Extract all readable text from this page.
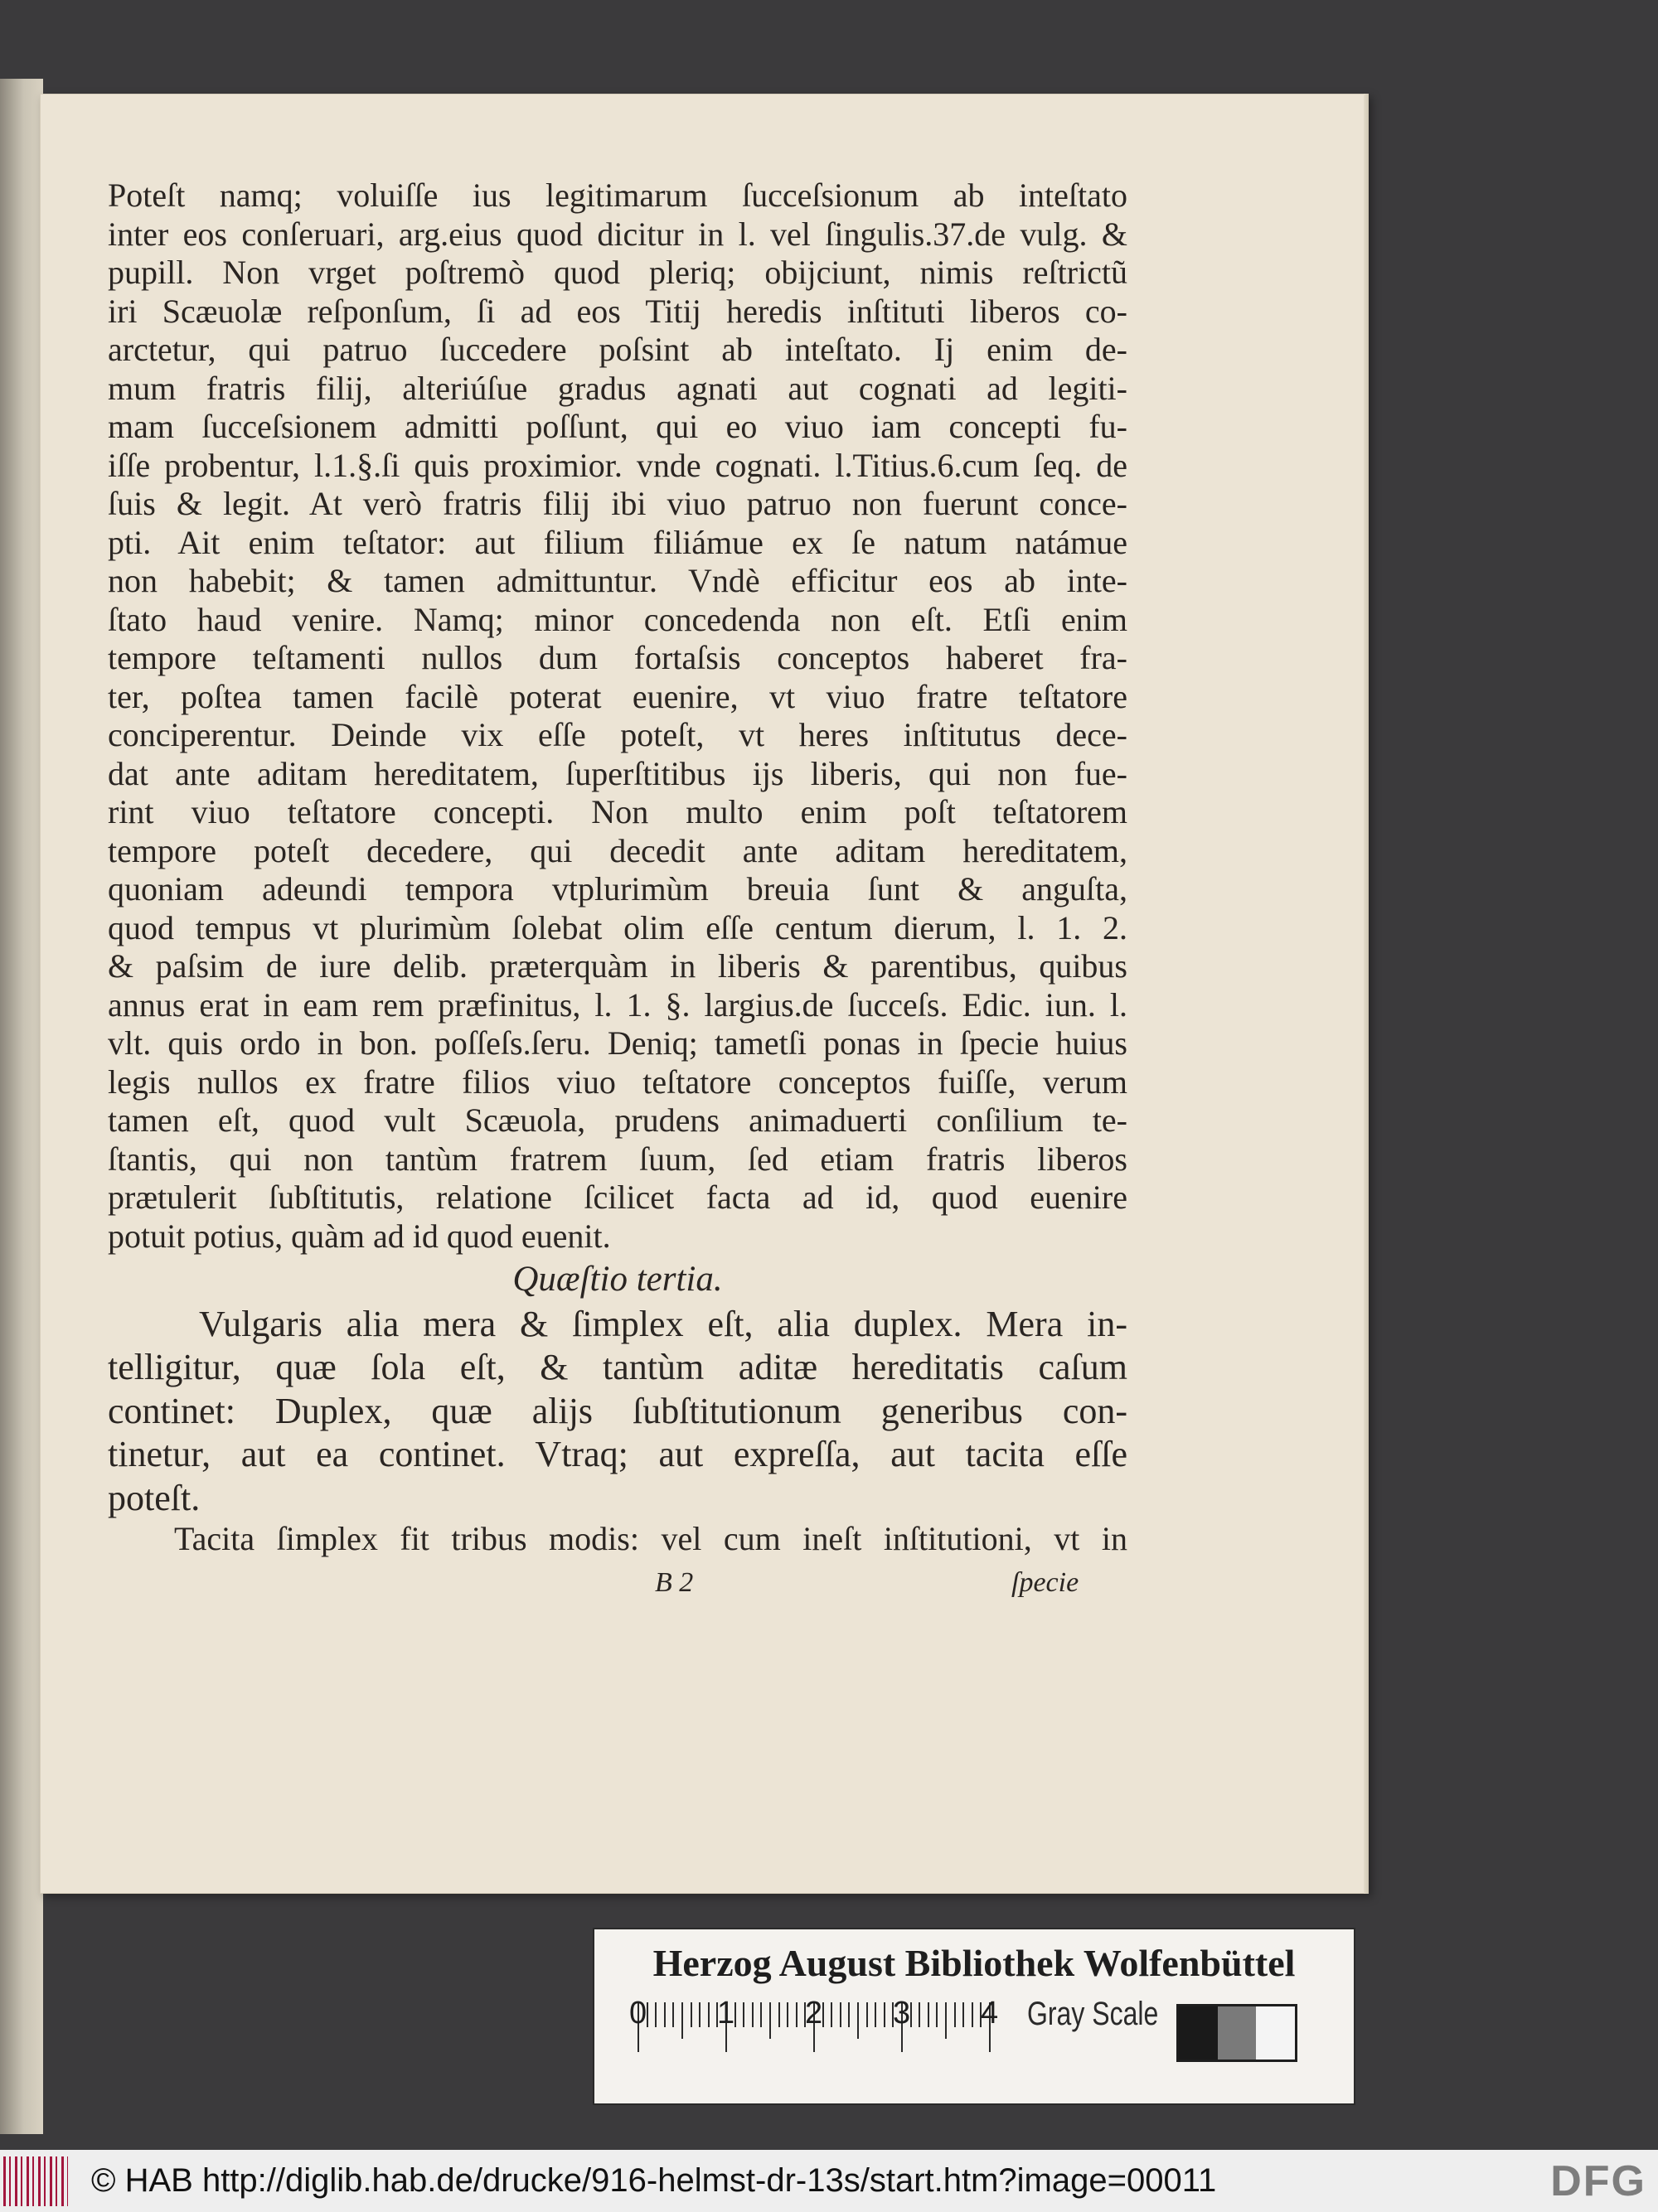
Poteſt namq; voluiſſe ius legitimarum ſucceſsionum ab inteſtato
inter eos conſeruari, arg.eius quod dicitur in l. vel ſingulis.37.de vulg. &
pupill. Non vrget poſtremò quod pleriq; obijciunt, nimis reſtrictũ
iri Scæuolæ reſponſum, ſi ad eos Titij heredis inſtituti liberos co-
arctetur, qui patruo ſuccedere poſsint ab inteſtato. Ij enim de-
mum fratris filij, alteriúſue gradus agnati aut cognati ad legiti-
mam ſucceſsionem admitti poſſunt, qui eo viuo iam concepti fu-
iſſe probentur, l.1.§.ſi quis proximior. vnde cognati. l.Titius.6.cum ſeq. de
ſuis & legit. At verò fratris filij ibi viuo patruo non fuerunt conce-
pti. Ait enim teſtator: aut filium filiámue ex ſe natum natámue
non habebit; & tamen admittuntur. Vndè efficitur eos ab inte-
ſtato haud venire. Namq; minor concedenda non eſt. Etſi enim
tempore teſtamenti nullos dum fortaſsis conceptos haberet fra-
ter, poſtea tamen facilè poterat euenire, vt viuo fratre teſtatore
conciperentur. Deinde vix eſſe poteſt, vt heres inſtitutus dece-
dat ante aditam hereditatem, ſuperſtitibus ijs liberis, qui non fue-
rint viuo teſtatore concepti. Non multo enim poſt teſtatorem
tempore poteſt decedere, qui decedit ante aditam hereditatem,
quoniam adeundi tempora vtplurimùm breuia ſunt & anguſta,
quod tempus vt plurimùm ſolebat olim eſſe centum dierum, l. 1. 2.
& paſsim de iure delib. præterquàm in liberis & parentibus, quibus
annus erat in eam rem præfinitus, l. 1. §. largius.de ſucceſs. Edic. iun. l.
vlt. quis ordo in bon. poſſeſs.ſeru. Deniq; tametſi ponas in ſpecie huius
legis nullos ex fratre filios viuo teſtatore conceptos fuiſſe, verum
tamen eſt, quod vult Scæuola, prudens animaduerti conſilium te-
ſtantis, qui non tantùm fratrem ſuum, ſed etiam fratris liberos
prætulerit ſubſtitutis, relatione ſcilicet facta ad id, quod euenire
potuit potius, quàm ad id quod euenit.
Quæſtio tertia.
Vulgaris alia mera & ſimplex eſt, alia duplex. Mera in-
telligitur, quæ ſola eſt, & tantùm aditæ hereditatis caſum
continet: Duplex, quæ alijs ſubſtitutionum generibus con-
tinetur, aut ea continet. Vtraq; aut expreſſa, aut tacita eſſe
poteſt.
Tacita ſimplex fit tribus modis: vel cum ineſt inſtitutioni, vt in
B 2	ſpecie
Herzog August Bibliothek Wolfenbüttel
0 1 2 3 4 Gray Scale
© HAB http://diglib.hab.de/drucke/916-helmst-dr-13s/start.htm?image=00011	DFG
